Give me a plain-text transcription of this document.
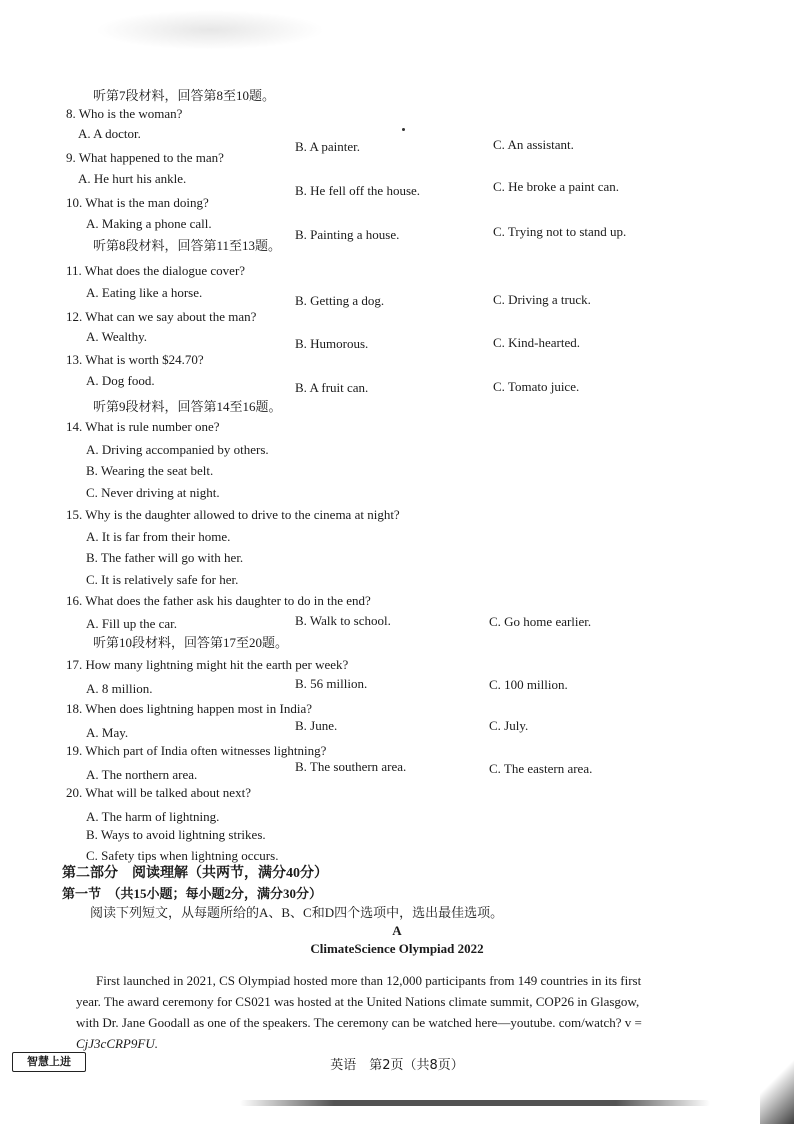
听第7段材料，回答第8至10题。
8. Who is the woman?
A. A doctor.
B. A painter.	C. An assistant.
9. What happened to the man?
A. He hurt his ankle.
B. He fell off the house.	C. He broke a paint can.
10. What is the man doing?
A. Making a phone call.
B. Painting a house.	C. Trying not to stand up.
听第8段材料，回答第11至13题。
11. What does the dialogue cover?
A. Eating like a horse.
B. Getting a dog.	C. Driving a truck.
12. What can we say about the man?
A. Wealthy.	B. Humorous.	C. Kind-hearted.
13. What is worth $24.70?
A. Dog food.	B. A fruit can.	C. Tomato juice.
听第9段材料，回答第14至16题。
14. What is rule number one?
A. Driving accompanied by others.
B. Wearing the seat belt.
C. Never driving at night.
15. Why is the daughter allowed to drive to the cinema at night?
A. It is far from their home.
B. The father will go with her.
C. It is relatively safe for her.
16. What does the father ask his daughter to do in the end?
A. Fill up the car.	B. Walk to school.	C. Go home earlier.
听第10段材料，回答第17至20题。
17. How many lightning might hit the earth per week?
A. 8 million.	B. 56 million.	C. 100 million.
18. When does lightning happen most in India?
A. May.	B. June.	C. July.
19. Which part of India often witnesses lightning?
A. The northern area.
B. The southern area.	C. The eastern area.
20. What will be talked about next?
A. The harm of lightning.
B. Ways to avoid lightning strikes.
C. Safety tips when lightning occurs.
第二部分　阅读理解（共两节，满分40分）
第一节　（共15小题；每小题2分，满分30分）
阅读下列短文，从每题所给的A、B、C和D四个选项中，选出最佳选项。
A
ClimateScience Olympiad 2022
First launched in 2021, CS Olympiad hosted more than 12,000 participants from 149 countries in its first
year. The award ceremony for CS021 was hosted at the United Nations climate summit, COP26 in Glasgow,
with Dr. Jane Goodall as one of the speakers. The ceremony can be watched here—youtube. com/watch? v =
CjJ3cCRP9FU.
智慧上进	英语　第2页（共8页）
